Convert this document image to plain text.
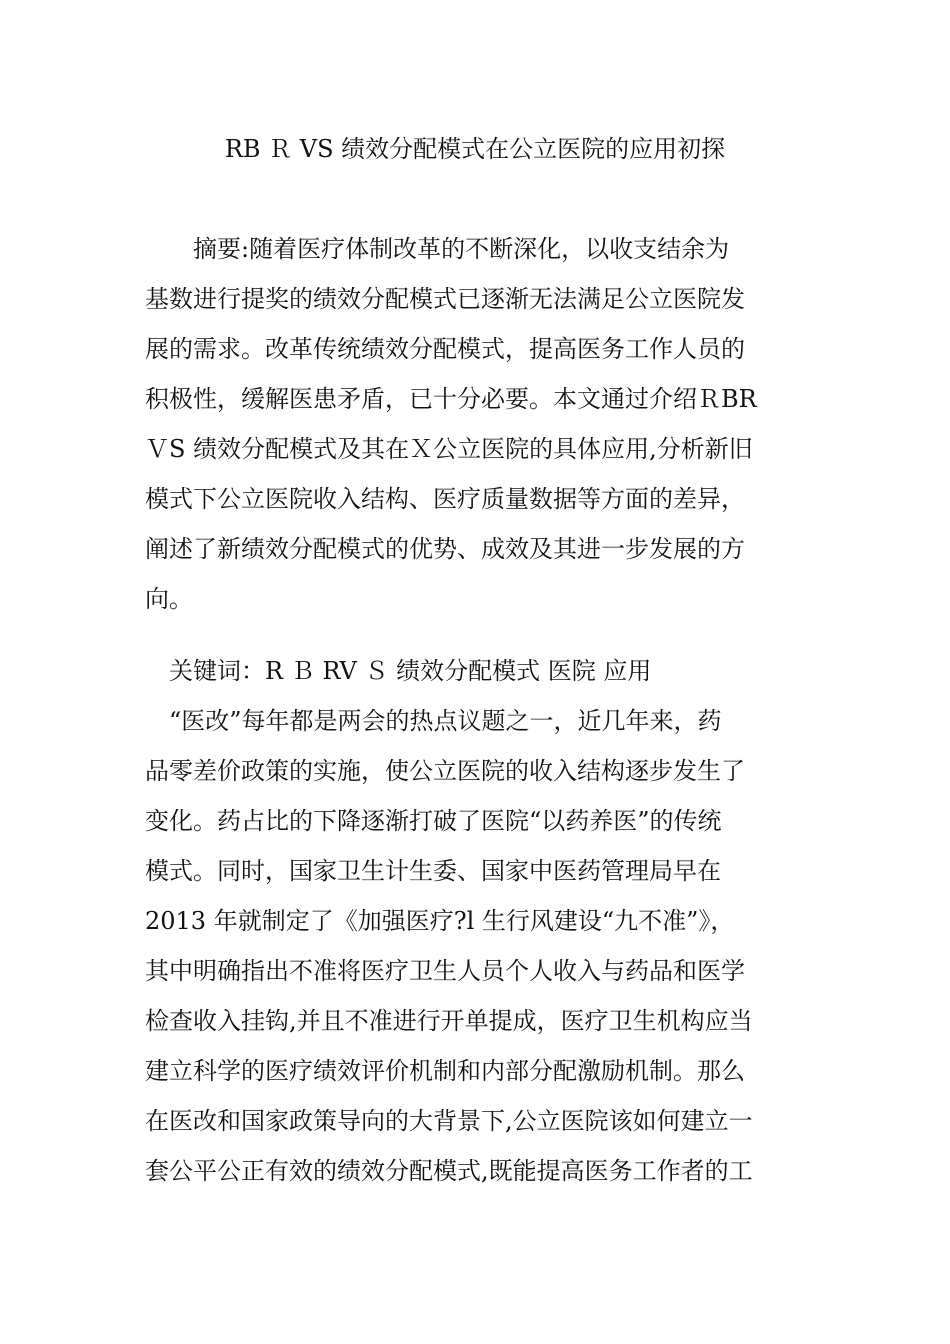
RB Ｒ VS 绩效分配模式在公立医院的应用初探
　　摘要:随着医疗体制改革的不断深化，以收支结余为
基数进行提奖的绩效分配模式已逐渐无法满足公立医院发
展的需求。改革传统绩效分配模式，提高医务工作人员的
积极性，缓解医患矛盾，已十分必要。本文通过介绍ＲBR
ＶS 绩效分配模式及其在Ｘ公立医院的具体应用,分析新旧
模式下公立医院收入结构、医疗质量数据等方面的差异，
阐述了新绩效分配模式的优势、成效及其进一步发展的方
向。
　关键词：R Ｂ RV Ｓ 绩效分配模式 医院 应用
　“医改”每年都是两会的热点议题之一，近几年来，药
品零差价政策的实施，使公立医院的收入结构逐步发生了
变化。药占比的下降逐渐打破了医院“以药养医”的传统
模式。同时，国家卫生计生委、国家中医药管理局早在
2013 年就制定了《加强医疗?l 生行风建设“九不准”》，
其中明确指出不准将医疗卫生人员个人收入与药品和医学
检查收入挂钩,并且不准进行开单提成，医疗卫生机构应当
建立科学的医疗绩效评价机制和内部分配激励机制。那么
在医改和国家政策导向的大背景下,公立医院该如何建立一
套公平公正有效的绩效分配模式,既能提高医务工作者的工
